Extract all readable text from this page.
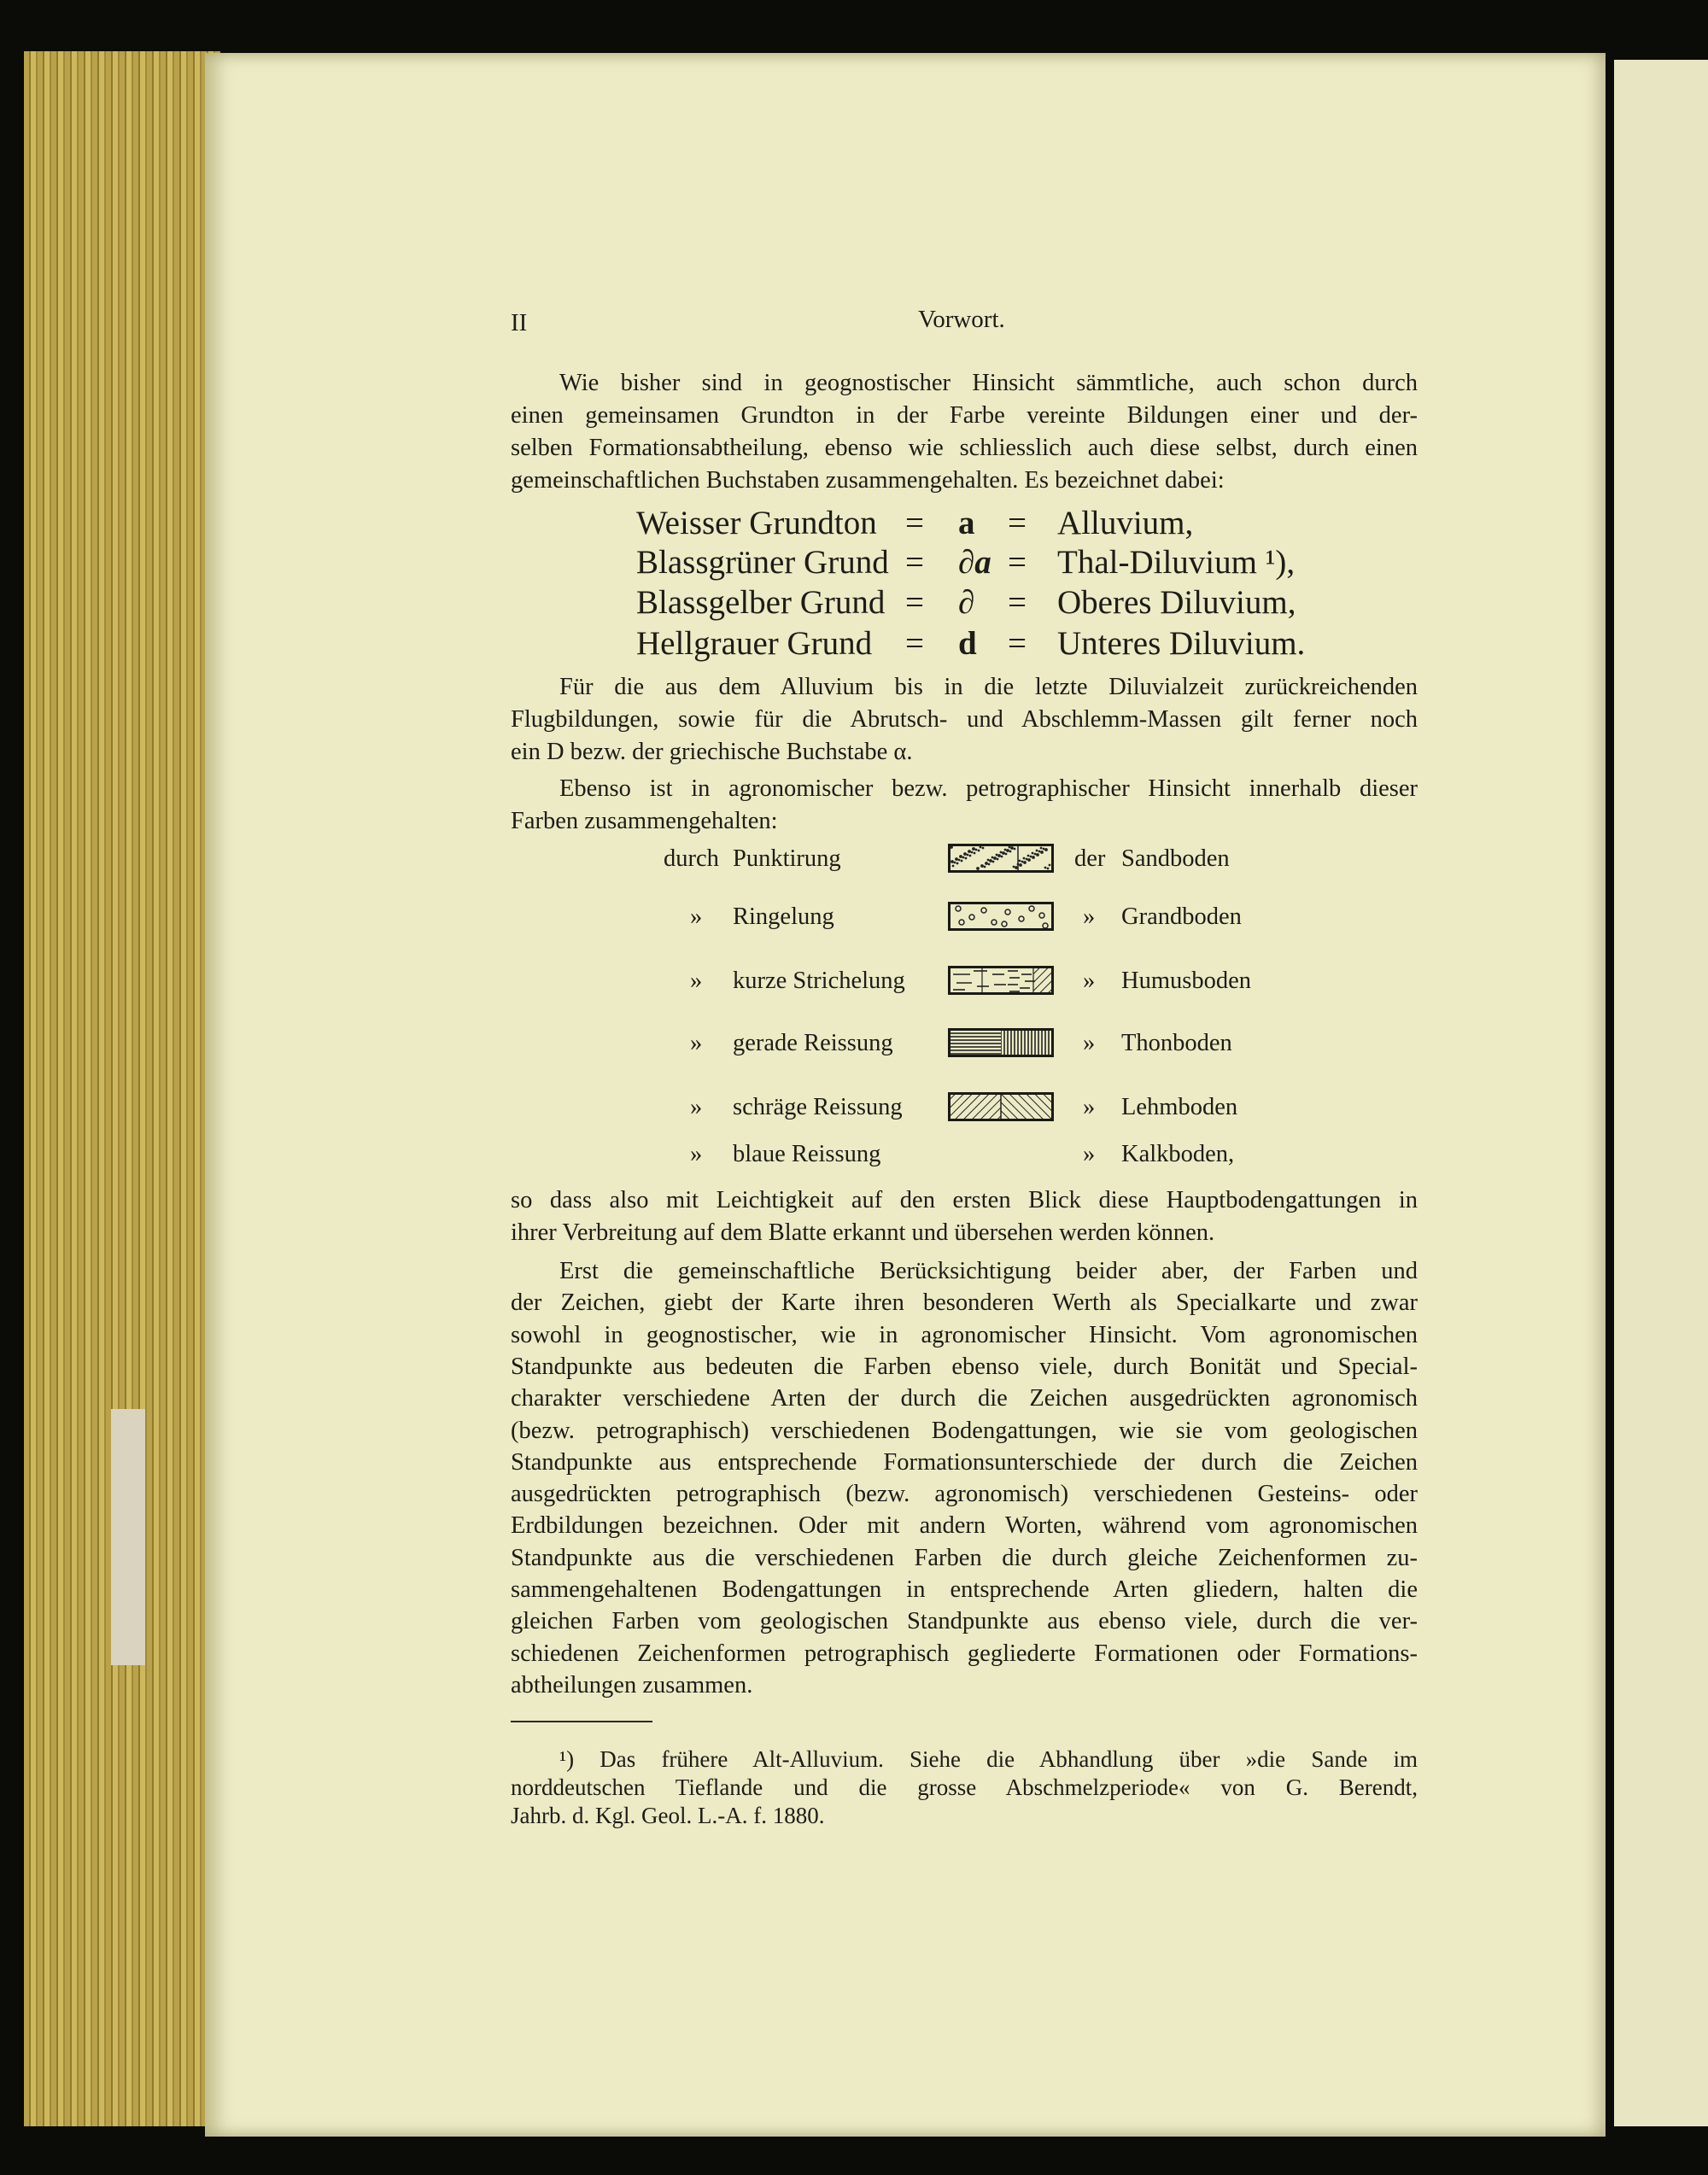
II	Vorwort.
Wie bisher sind in geognostischer Hinsicht sämmtliche, auch schon durch
einen gemeinsamen Grundton in der Farbe vereinte Bildungen einer und der-
selben Formationsabtheilung, ebenso wie schliesslich auch diese selbst, durch einen
gemeinschaftlichen Buchstaben zusammengehalten. Es bezeichnet dabei:
Weisser Grundton = a = Alluvium,
Blassgrüner Grund = ∂a = Thal-Diluvium ¹),
Blassgelber Grund = ∂ = Oberes Diluvium,
Hellgrauer Grund = d = Unteres Diluvium.
Für die aus dem Alluvium bis in die letzte Diluvialzeit zurückreichenden
Flugbildungen, sowie für die Abrutsch- und Abschlemm-Massen gilt ferner noch
ein D bezw. der griechische Buchstabe α.
Ebenso ist in agronomischer bezw. petrographischer Hinsicht innerhalb dieser
Farben zusammengehalten:
durch Punktirung	der Sandboden
» Ringelung	» Grandboden
» kurze Strichelung	» Humusboden
» gerade Reissung	» Thonboden
» schräge Reissung	» Lehmboden
» blaue Reissung	» Kalkboden,
so dass also mit Leichtigkeit auf den ersten Blick diese Hauptbodengattungen in
ihrer Verbreitung auf dem Blatte erkannt und übersehen werden können.
Erst die gemeinschaftliche Berücksichtigung beider aber, der Farben und
der Zeichen, giebt der Karte ihren besonderen Werth als Specialkarte und zwar
sowohl in geognostischer, wie in agronomischer Hinsicht. Vom agronomischen
Standpunkte aus bedeuten die Farben ebenso viele, durch Bonität und Special-
charakter verschiedene Arten der durch die Zeichen ausgedrückten agronomisch
(bezw. petrographisch) verschiedenen Bodengattungen, wie sie vom geologischen
Standpunkte aus entsprechende Formationsunterschiede der durch die Zeichen
ausgedrückten petrographisch (bezw. agronomisch) verschiedenen Gesteins- oder
Erdbildungen bezeichnen. Oder mit andern Worten, während vom agronomischen
Standpunkte aus die verschiedenen Farben die durch gleiche Zeichenformen zu-
sammengehaltenen Bodengattungen in entsprechende Arten gliedern, halten die
gleichen Farben vom geologischen Standpunkte aus ebenso viele, durch die ver-
schiedenen Zeichenformen petrographisch gegliederte Formationen oder Formations-
abtheilungen zusammen.
¹) Das frühere Alt-Alluvium. Siehe die Abhandlung über »die Sande im
norddeutschen Tieflande und die grosse Abschmelzperiode« von G. Berendt,
Jahrb. d. Kgl. Geol. L.-A. f. 1880.
